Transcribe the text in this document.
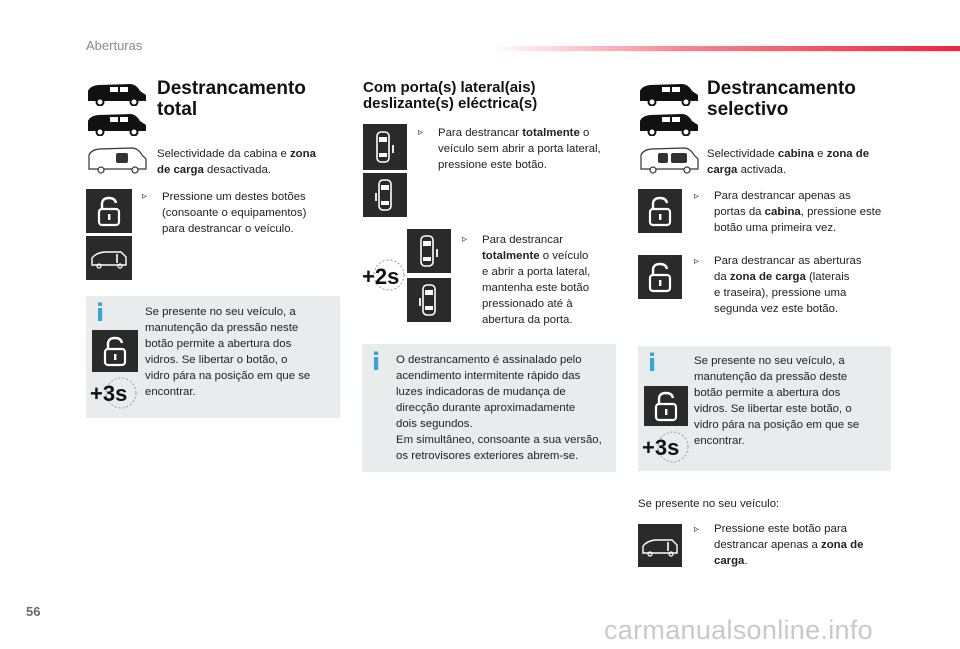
Aberturas
Destrancamento
total
Selectividade da cabina e zona
de carga desactivada.
▹ Pressione um destes botões
(consoante o equipamentos)
para destrancar o veículo.
i
+3s
Se presente no seu veículo, a
manutenção da pressão neste
botão permite a abertura dos
vidros. Se libertar o botão, o
vidro pára na posição em que se
encontrar.
Com porta(s) lateral(ais)
deslizante(s) eléctrica(s)
▹ Para destrancar totalmente o
veículo sem abrir a porta lateral,
pressione este botão.
+2s
▹ Para destrancar
totalmente o veículo
e abrir a porta lateral,
mantenha este botão
pressionado até à
abertura da porta.
i O destrancamento é assinalado pelo
acendimento intermitente rápido das
luzes indicadoras de mudança de
direcção durante aproximadamente
dois segundos.
Em simultâneo, consoante a sua versão,
os retrovisores exteriores abrem-se.
Destrancamento
selectivo
Selectividade cabina e zona de
carga activada.
▹ Para destrancar apenas as
portas da cabina, pressione este
botão uma primeira vez.
▹ Para destrancar as aberturas
da zona de carga (laterais
e traseira), pressione uma
segunda vez este botão.
i
+3s
Se presente no seu veículo, a
manutenção da pressão deste
botão permite a abertura dos
vidros. Se libertar este botão, o
vidro pára na posição em que se
encontrar.
Se presente no seu veículo:
▹ Pressione este botão para
destrancar apenas a zona de
carga.
56
carmanualsonline.info
